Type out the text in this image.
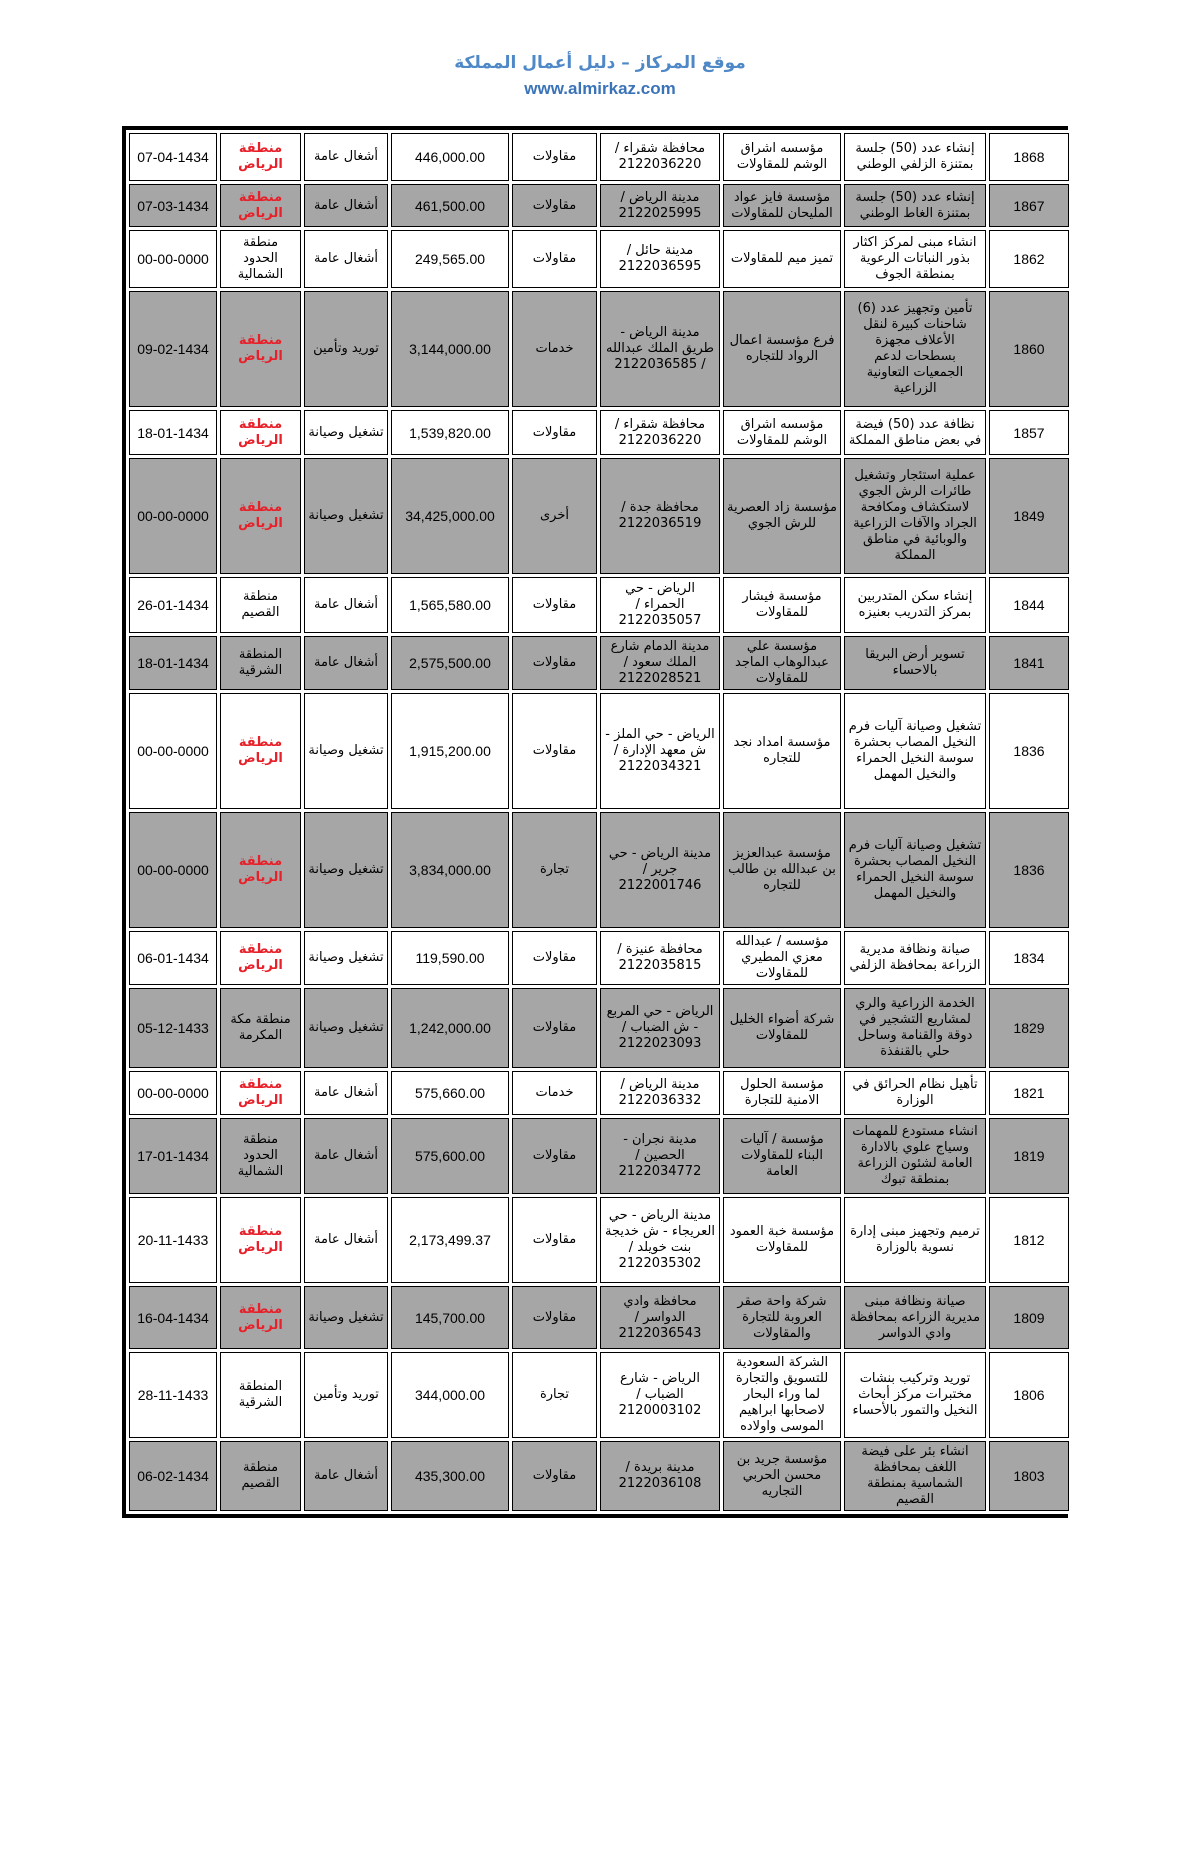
موقع المركاز – دليل أعمال المملكة
www.almirkaz.com
07-04-1434	منطقة الرياض	أشغال عامة	446,000.00	مقاولات	محافظة شقراء / 2122036220	مؤسسه اشراق الوشم للمقاولات	إنشاء عدد (50) جلسة بمتنزة الزلفي الوطني	1868
07-03-1434	منطقة الرياض	أشغال عامة	461,500.00	مقاولات	مدينة الرياض / 2122025995	مؤسسة فايز عواد المليحان للمقاولات	إنشاء عدد (50) جلسة بمتنزة الغاط الوطني	1867
00-00-0000	منطقة الحدود الشمالية	أشغال عامة	249,565.00	مقاولات	مدينة حائل / 2122036595	تميز ميم للمقاولات	انشاء مبنى لمركز اكثار بذور النباتات الرعوية بمنطقة الجوف	1862
09-02-1434	منطقة الرياض	توريد وتأمين	3,144,000.00	خدمات	مدينة الرياض - طريق الملك عبدالله / 2122036585	فرع مؤسسة اعمال الرواد للتجاره	تأمين وتجهيز عدد (6) شاحنات كبيرة لنقل الأعلاف مجهزة بسطحات لدعم الجمعيات التعاونية الزراعية	1860
18-01-1434	منطقة الرياض	تشغيل وصيانة	1,539,820.00	مقاولات	محافظة شقراء / 2122036220	مؤسسه اشراق الوشم للمقاولات	نظافة عدد (50) فيضة في بعض مناطق المملكة	1857
00-00-0000	منطقة الرياض	تشغيل وصيانة	34,425,000.00	أخرى	محافظة جدة / 2122036519	مؤسسة زاد العصرية للرش الجوي	عملية استئجار وتشغيل طائرات الرش الجوي لاستكشاف ومكافحة الجراد والآفات الزراعية والوبائية في مناطق المملكة	1849
26-01-1434	منطقة القصيم	أشغال عامة	1,565,580.00	مقاولات	الرياض - حي الحمراء / 2122035057	مؤسسة فيشار للمقاولات	إنشاء سكن المتدربين بمركز التدريب بعنيزه	1844
18-01-1434	المنطقة الشرقية	أشغال عامة	2,575,500.00	مقاولات	مدينة الدمام شارع الملك سعود / 2122028521	مؤسسة علي عبدالوهاب الماجد للمقاولات	تسوير أرض البريقا بالاحساء	1841
00-00-0000	منطقة الرياض	تشغيل وصيانة	1,915,200.00	مقاولات	الرياض - حي الملز - ش معهد الإدارة / 2122034321	مؤسسة امداد نجد للتجاره	تشغيل وصيانة آليات فرم النخيل المصاب بحشرة سوسة النخيل الحمراء والنخيل المهمل	1836
00-00-0000	منطقة الرياض	تشغيل وصيانة	3,834,000.00	تجارة	مدينة الرياض - حي جرير / 2122001746	مؤسسة عبدالعزيز بن عبدالله بن طالب للتجاره	تشغيل وصيانة آليات فرم النخيل المصاب بحشرة سوسة النخيل الحمراء والنخيل المهمل	1836
06-01-1434	منطقة الرياض	تشغيل وصيانة	119,590.00	مقاولات	محافظة عنيزة / 2122035815	مؤسسه / عبدالله معزي المطيري للمقاولات	صيانة ونظافة مديرية الزراعة بمحافظة الزلفي	1834
05-12-1433	منطقة مكة المكرمة	تشغيل وصيانة	1,242,000.00	مقاولات	الرياض - حي المربع - ش الضباب / 2122023093	شركة أضواء الخليل للمقاولات	الخدمة الزراعية والري لمشاريع التشجير في دوقة والقنامة وساحل حلي بالقنفذة	1829
00-00-0000	منطقة الرياض	أشغال عامة	575,660.00	خدمات	مدينة الرياض / 2122036332	مؤسسة الحلول الامنية للتجارة	تأهيل نظام الحرائق في الوزارة	1821
17-01-1434	منطقة الحدود الشمالية	أشغال عامة	575,600.00	مقاولات	مدينة نجران - الحصين / 2122034772	مؤسسة / آليات البناء للمقاولات العامة	انشاء مستودع للمهمات وسياج علوي بالادارة العامة لشئون الزراعة بمنطقة تبوك	1819
20-11-1433	منطقة الرياض	أشغال عامة	2,173,499.37	مقاولات	مدينة الرياض - حي العريجاء - ش خديجة بنت خويلد / 2122035302	مؤسسة خبة العمود للمقاولات	ترميم وتجهيز مبنى إدارة نسوية بالوزارة	1812
16-04-1434	منطقة الرياض	تشغيل وصيانة	145,700.00	مقاولات	محافظة وادي الدواسر / 2122036543	شركة واحة صقر العروبة للتجارة والمقاولات	صيانة ونظافة مبنى مديرية الزراعه بمحافظة وادي الدواسر	1809
28-11-1433	المنطقة الشرقية	توريد وتأمين	344,000.00	تجارة	الرياض - شارع الضباب / 2120003102	الشركة السعودية للتسويق والتجارة لما وراء البحار لاصحابها ابراهيم الموسى واولاده	توريد وتركيب بنشات مختبرات مركز أبحاث النخيل والتمور بالأحساء	1806
06-02-1434	منطقة القصيم	أشغال عامة	435,300.00	مقاولات	مدينة بريدة / 2122036108	مؤسسة جريد بن محسن الحربي التجاريه	انشاء بئر على فيضة اللغف بمحافظة الشماسية بمنطقة القصيم	1803
